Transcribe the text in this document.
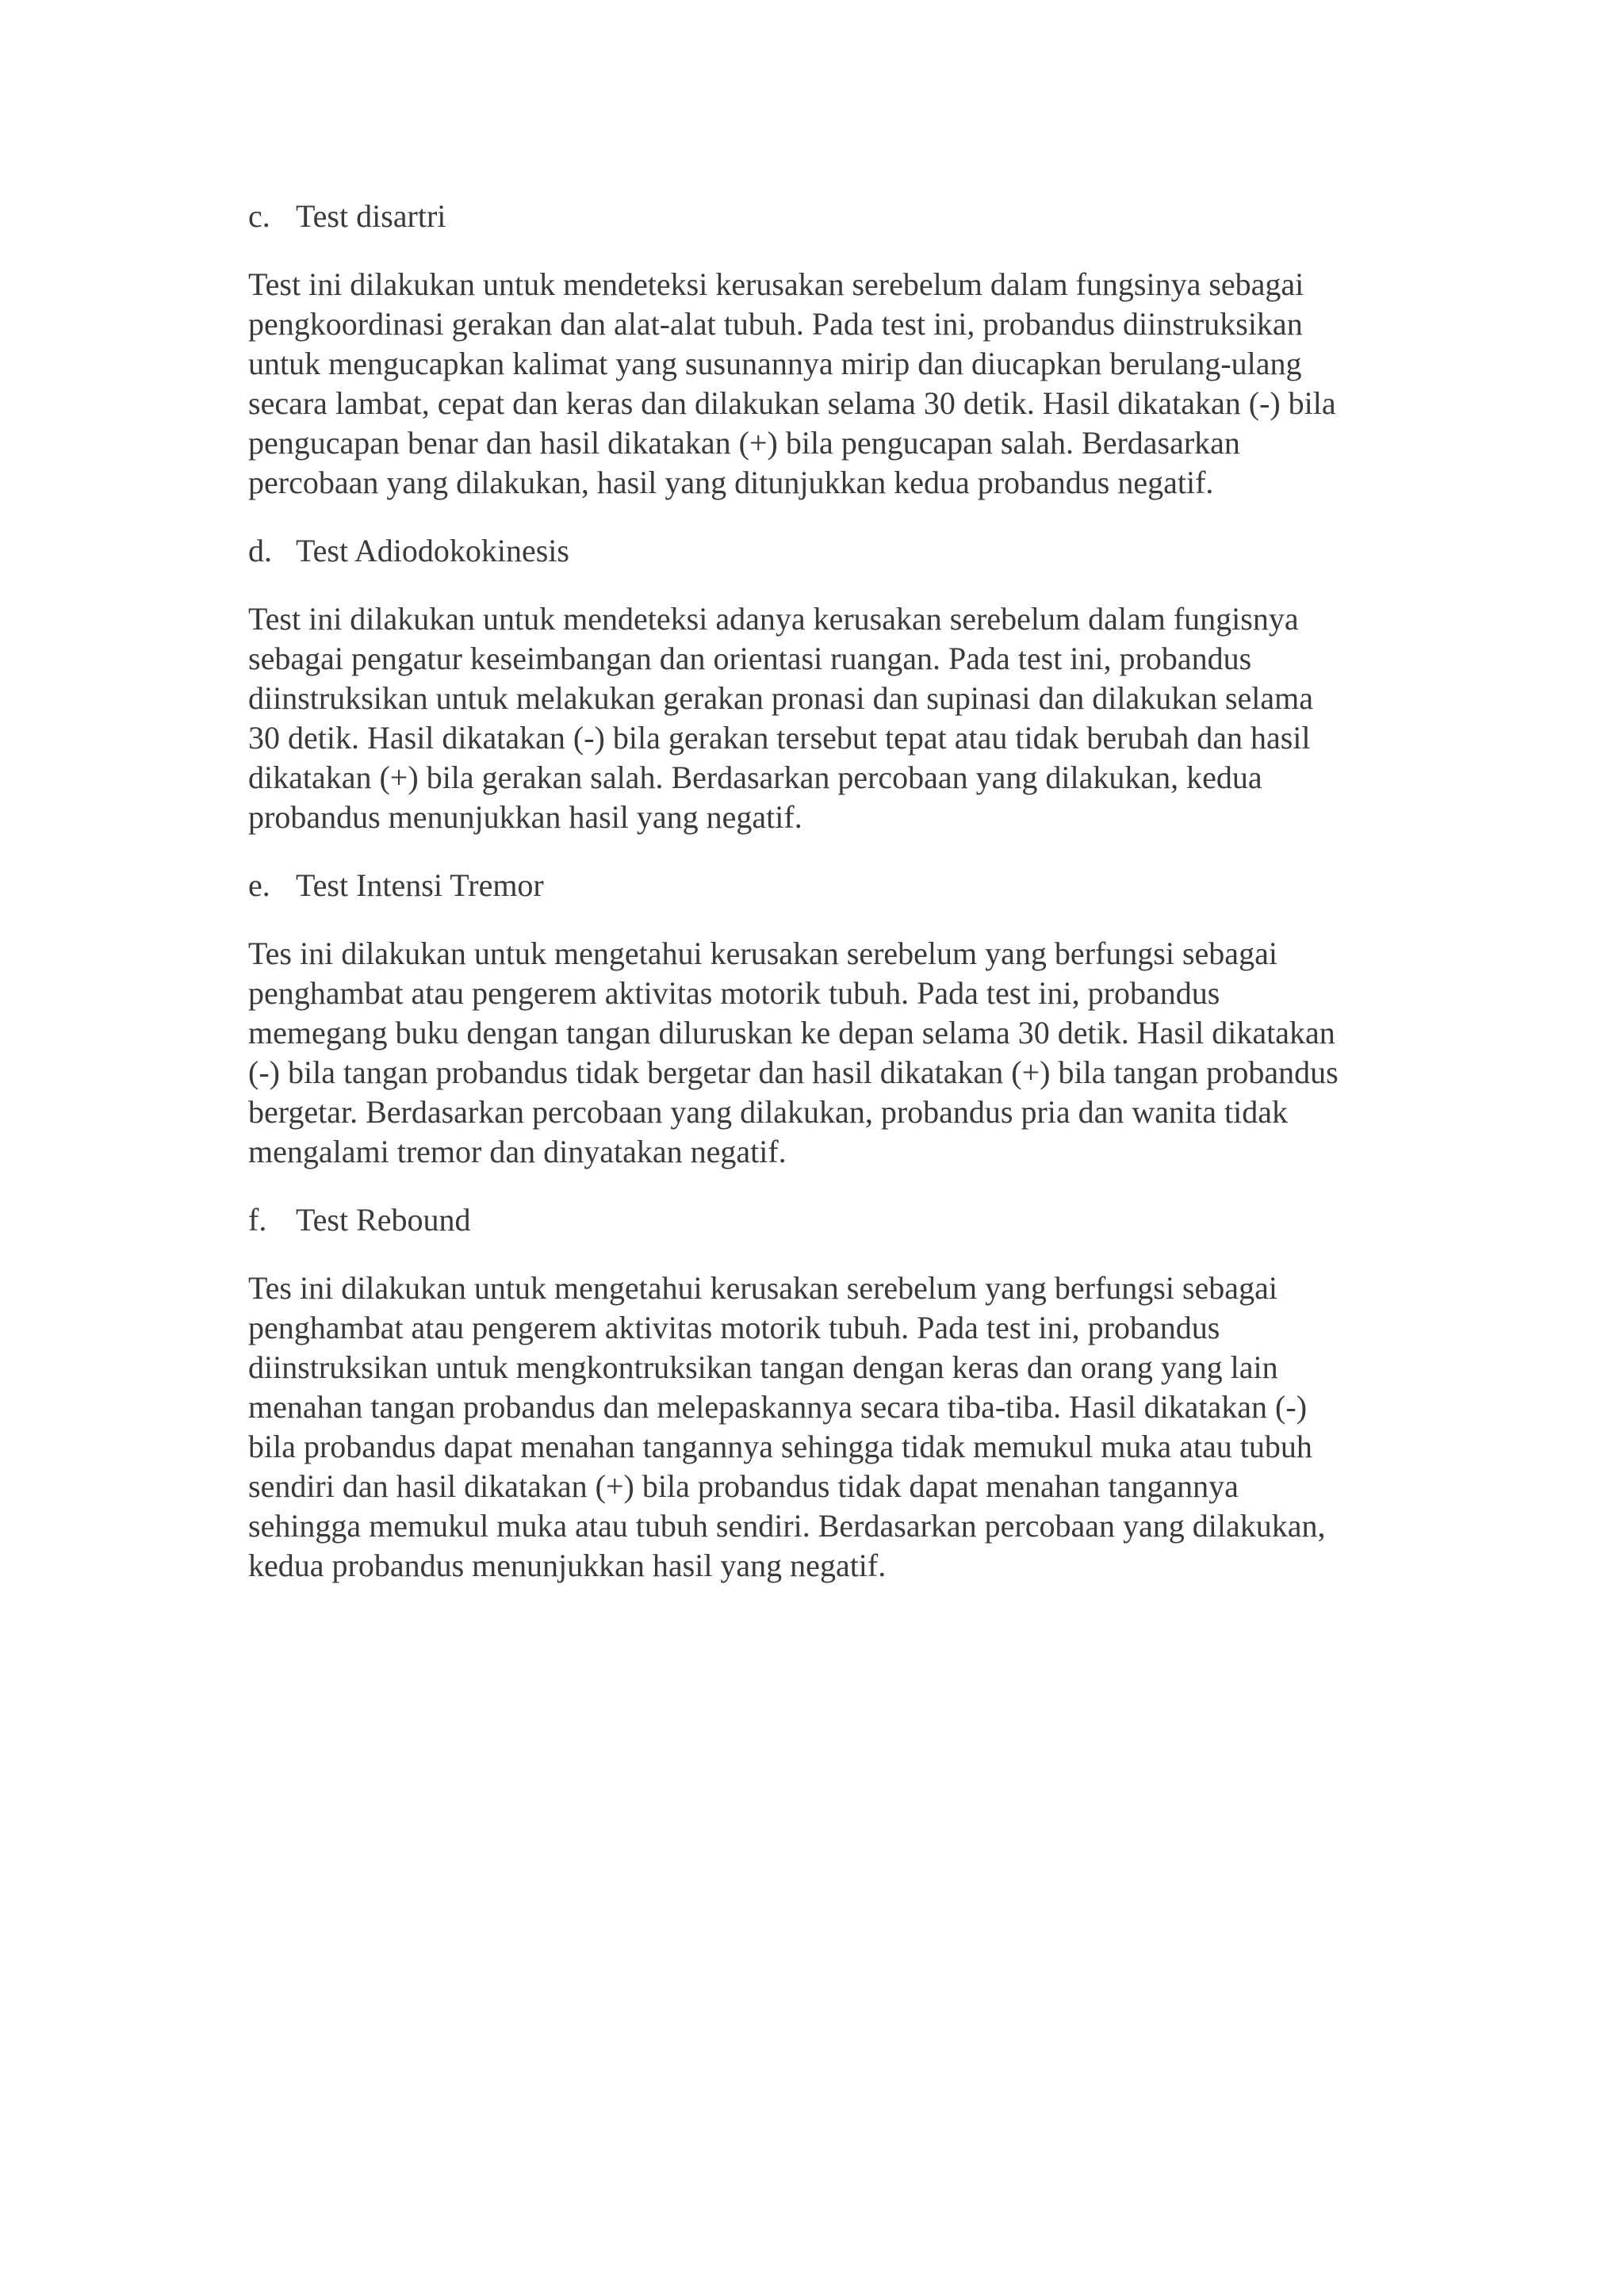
c. Test disartri

Test ini dilakukan untuk mendeteksi kerusakan serebelum dalam fungsinya sebagai
pengkoordinasi gerakan dan alat-alat tubuh. Pada test ini, probandus diinstruksikan
untuk mengucapkan kalimat yang susunannya mirip dan diucapkan berulang-ulang
secara lambat, cepat dan keras dan dilakukan selama 30 detik. Hasil dikatakan (-) bila
pengucapan benar dan hasil dikatakan (+) bila pengucapan salah. Berdasarkan
percobaan yang dilakukan, hasil yang ditunjukkan kedua probandus negatif.

d. Test Adiodokokinesis

Test ini dilakukan untuk mendeteksi adanya kerusakan serebelum dalam fungisnya
sebagai pengatur keseimbangan dan orientasi ruangan. Pada test ini, probandus
diinstruksikan untuk melakukan gerakan pronasi dan supinasi dan dilakukan selama
30 detik. Hasil dikatakan (-) bila gerakan tersebut tepat atau tidak berubah dan hasil
dikatakan (+) bila gerakan salah. Berdasarkan percobaan yang dilakukan, kedua
probandus menunjukkan hasil yang negatif.

e. Test Intensi Tremor

Tes ini dilakukan untuk mengetahui kerusakan serebelum yang berfungsi sebagai
penghambat atau pengerem aktivitas motorik tubuh. Pada test ini, probandus
memegang buku dengan tangan diluruskan ke depan selama 30 detik. Hasil dikatakan
(-) bila tangan probandus tidak bergetar dan hasil dikatakan (+) bila tangan probandus
bergetar. Berdasarkan percobaan yang dilakukan, probandus pria dan wanita tidak
mengalami tremor dan dinyatakan negatif.

f. Test Rebound

Tes ini dilakukan untuk mengetahui kerusakan serebelum yang berfungsi sebagai
penghambat atau pengerem aktivitas motorik tubuh. Pada test ini, probandus
diinstruksikan untuk mengkontruksikan tangan dengan keras dan orang yang lain
menahan tangan probandus dan melepaskannya secara tiba-tiba. Hasil dikatakan (-)
bila probandus dapat menahan tangannya sehingga tidak memukul muka atau tubuh
sendiri dan hasil dikatakan (+) bila probandus tidak dapat menahan tangannya
sehingga memukul muka atau tubuh sendiri. Berdasarkan percobaan yang dilakukan,
kedua probandus menunjukkan hasil yang negatif.
